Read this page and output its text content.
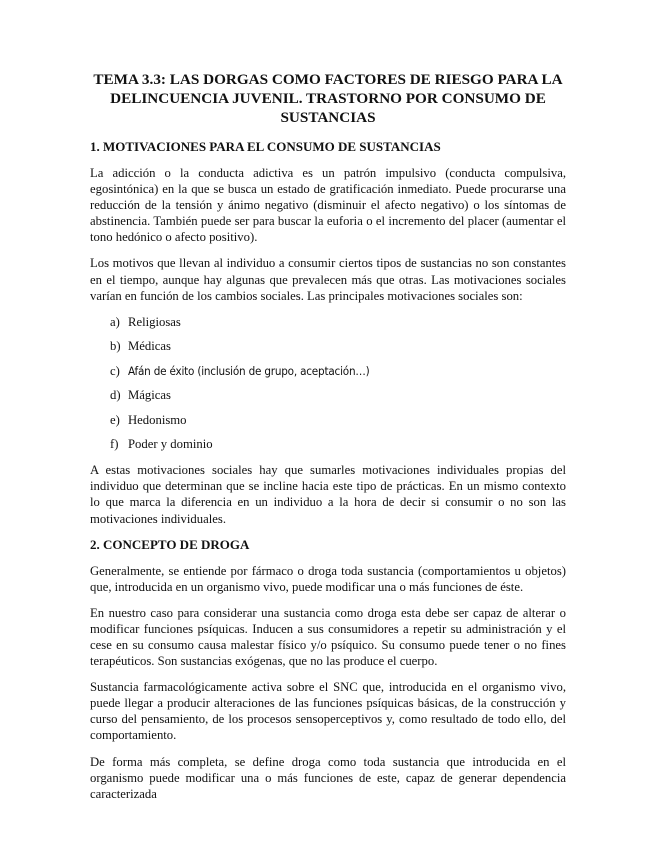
TEMA 3.3: LAS DORGAS COMO FACTORES DE RIESGO PARA LA DELINCUENCIA JUVENIL. TRASTORNO POR CONSUMO DE SUSTANCIAS
1. MOTIVACIONES PARA EL CONSUMO DE SUSTANCIAS

La adicción o la conducta adictiva es un patrón impulsivo (conducta compulsiva, egosintónica) en la que se busca un estado de gratificación inmediato. Puede procurarse una reducción de la tensión y ánimo negativo (disminuir el afecto negativo) o los síntomas de abstinencia. También puede ser para buscar la euforia o el incremento del placer (aumentar el tono hedónico o afecto positivo).

Los motivos que llevan al individuo a consumir ciertos tipos de sustancias no son constantes en el tiempo, aunque hay algunas que prevalecen más que otras. Las motivaciones sociales varían en función de los cambios sociales. Las principales motivaciones sociales son:

a) Religiosas
b) Médicas
c) Afán de éxito (inclusión de grupo, aceptación…)
d) Mágicas
e) Hedonismo
f) Poder y dominio

A estas motivaciones sociales hay que sumarles motivaciones individuales propias del individuo que determinan que se incline hacia este tipo de prácticas. En un mismo contexto lo que marca la diferencia en un individuo a la hora de decir si consumir o no son las motivaciones individuales.

2. CONCEPTO DE DROGA

Generalmente, se entiende por fármaco o droga toda sustancia (comportamientos u objetos) que, introducida en un organismo vivo, puede modificar una o más funciones de éste.

En nuestro caso para considerar una sustancia como droga esta debe ser capaz de alterar o modificar funciones psíquicas. Inducen a sus consumidores a repetir su administración y el cese en su consumo causa malestar físico y/o psíquico. Su consumo puede tener o no fines terapéuticos. Son sustancias exógenas, que no las produce el cuerpo.

Sustancia farmacológicamente activa sobre el SNC que, introducida en el organismo vivo, puede llegar a producir alteraciones de las funciones psíquicas básicas, de la construcción y curso del pensamiento, de los procesos sensoperceptivos y, como resultado de todo ello, del comportamiento.

De forma más completa, se define droga como toda sustancia que introducida en el organismo puede modificar una o más funciones de este, capaz de generar dependencia caracterizada
